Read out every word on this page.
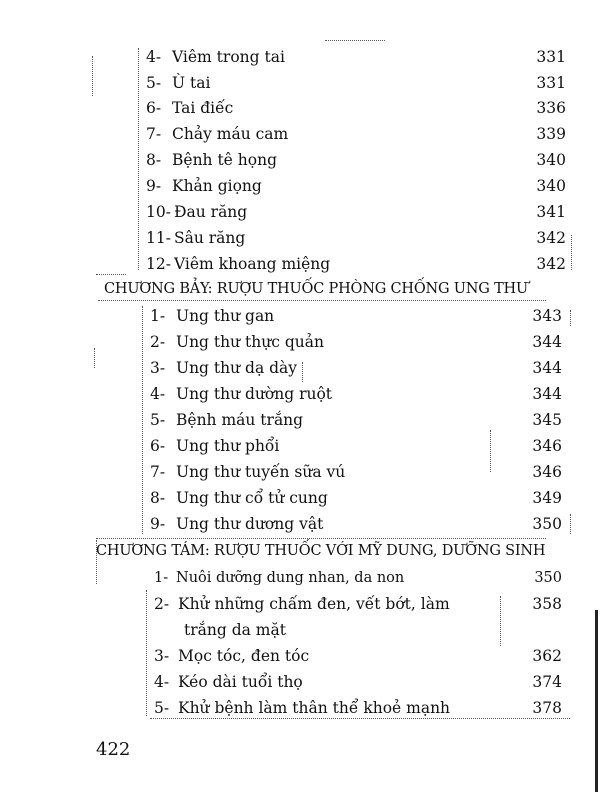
4- Viêm trong tai	331
5- Ù tai	331
6- Tai điếc	336
7- Chảy máu cam	339
8- Bệnh tê họng	340
9- Khản giọng	340
10- Đau răng	341
11- Sâu răng	342
12- Viêm khoang miệng	342
CHƯƠNG BẢY: RƯỢU THUỐC PHÒNG CHỐNG UNG THƯ
1- Ung thư gan	343
2- Ung thư thực quản	344
3- Ung thư dạ dày	344
4- Ung thư dường ruột	344
5- Bệnh máu trắng	345
6- Ung thư phổi	346
7- Ung thư tuyến sữa vú	346
8- Ung thư cổ tử cung	349
9- Ung thư dương vật	350
CHƯƠNG TÁM: RƯỢU THUỐC VỚI MỸ DUNG, DƯỠNG SINH
1- Nuôi dưỡng dung nhan, da non	350
2- Khử những chấm đen, vết bớt, làm	358
trắng da mặt
3- Mọc tóc, đen tóc	362
4- Kéo dài tuổi thọ	374
5- Khử bệnh làm thân thể khoẻ mạnh	378
422
